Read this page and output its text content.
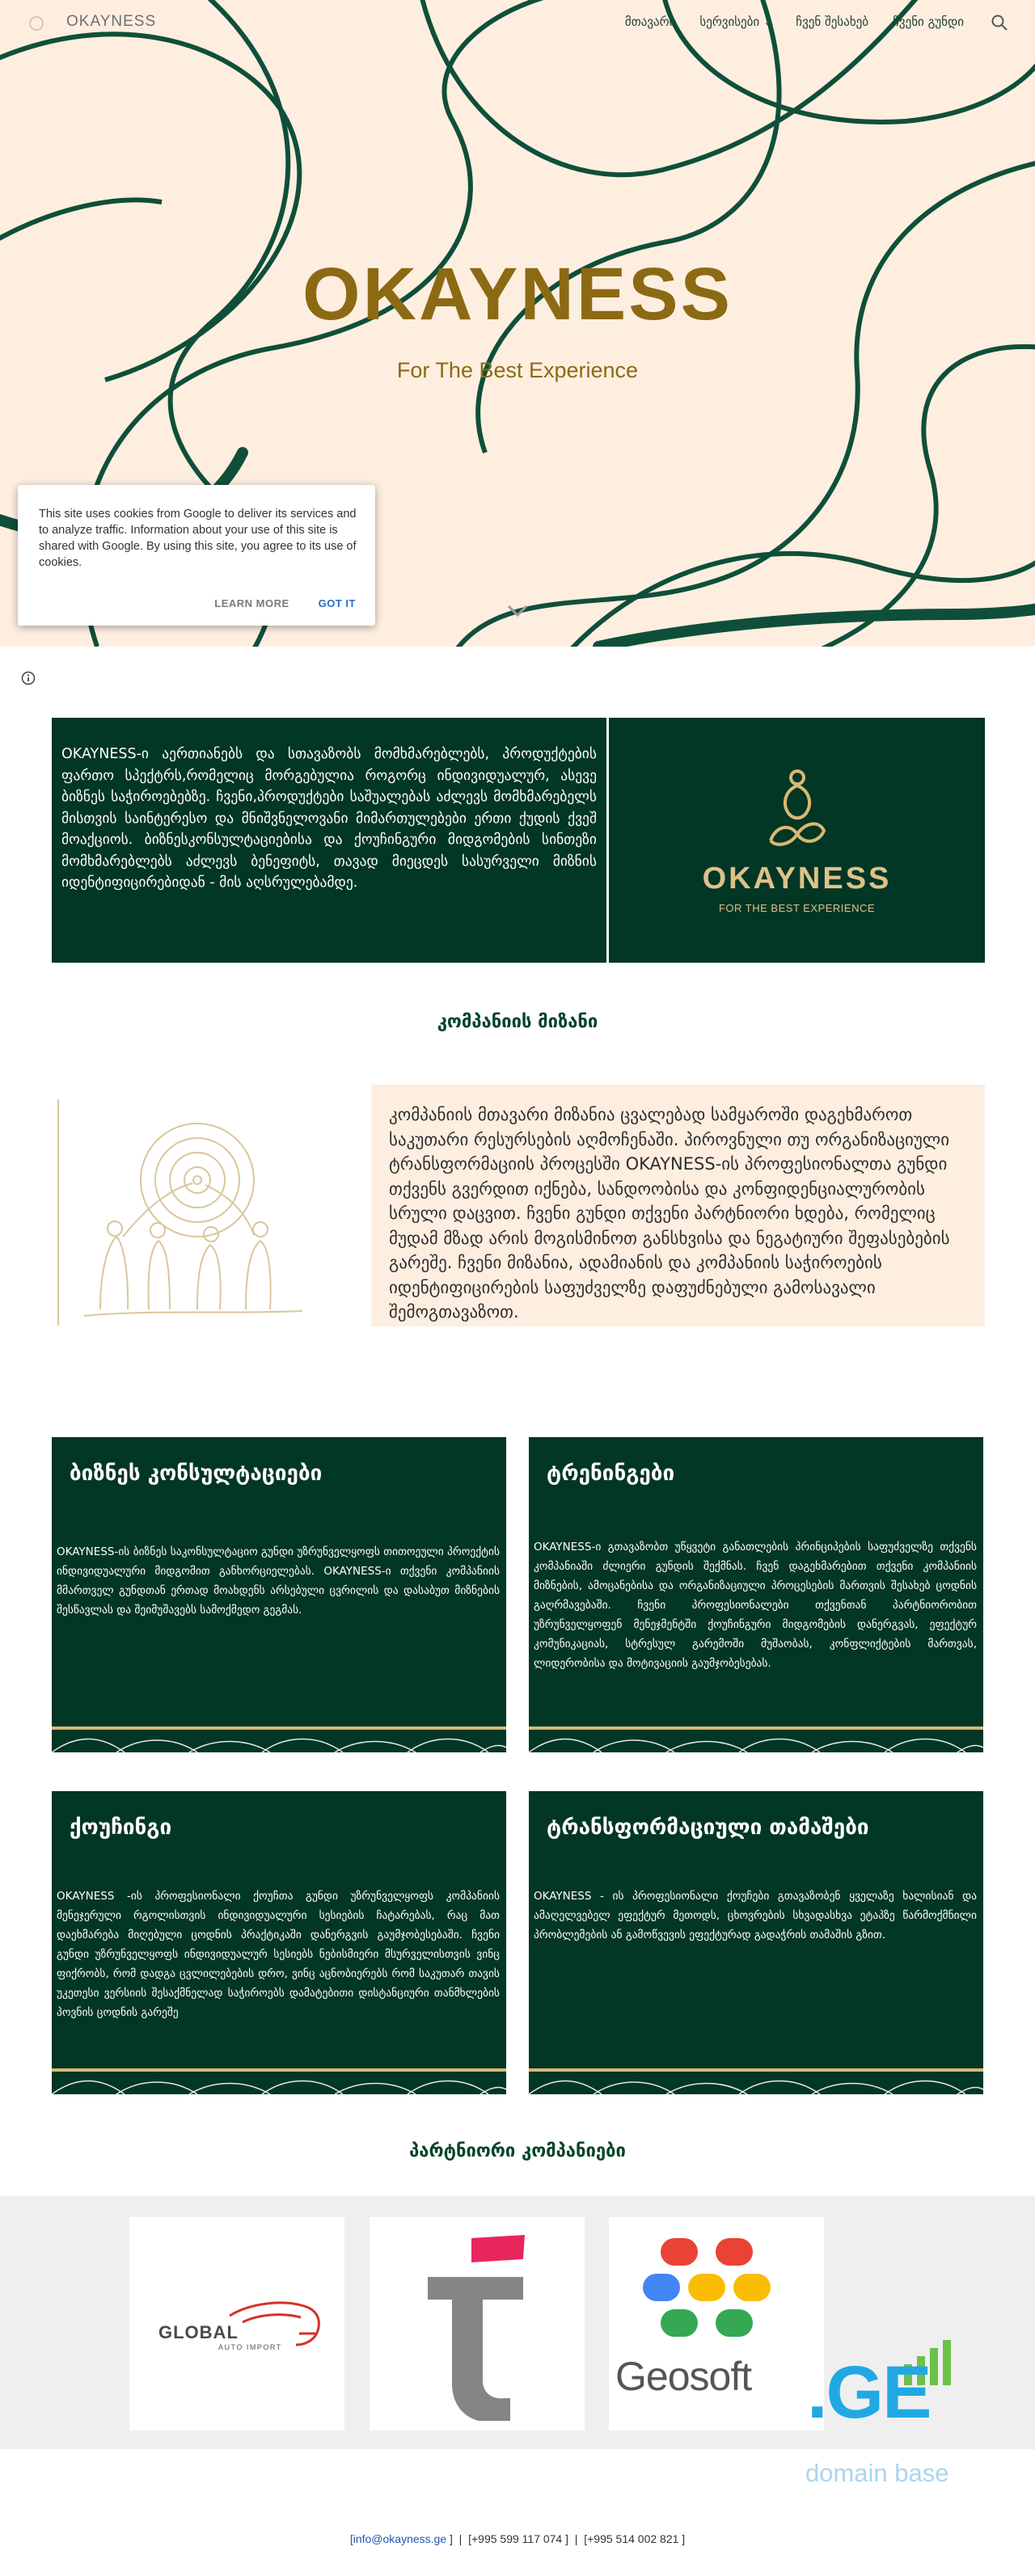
OKAYNESS
For The Best Experience
OKAYNESS	მთავარი სერვისები ⌄ ჩვენ შესახებ ჩვენი გუნდი
This site uses cookies from Google to deliver its services and to analyze traffic. Information about your use of this site is shared with Google. By using this site, you agree to its use of cookies.
LEARN MORE	GOT IT
OKAYNESS-ი აერთიანებს და სთავაზობს მომხმარებლებს, პროდუქტების ფართო სპექტრს,რომელიც მორგებულია როგორც ინდივიდუალურ, ასევე ბიზნეს საჭიროებებზე. ჩვენი,პროდუქტები საშუალებას აძლევს მომხმარებელს მისთვის საინტერესო და მნიშვნელოვანი მიმართულებები ერთი ქუდის ქვეშ მოაქციოს. ბიზნესკონსულტაციებისა და ქოუჩინგური მიდგომების სინთეზი მომხმარებლებს აძლევს ბენეფიტს, თავად მიეცდეს სასურველი მიზნის იდენტიფიცირებიდან - მის აღსრულებამდე.	OKAYNESS
FOR THE BEST EXPERIENCE
კომპანიის მიზანი
კომპანიის მთავარი მიზანია ცვალებად სამყაროში დაგეხმაროთ საკუთარი რესურსების აღმოჩენაში. პიროვნული თუ ორგანიზაციული ტრანსფორმაციის პროცესში OKAYNESS-ის პროფესიონალთა გუნდი თქვენს გვერდით იქნება, სანდოობისა და კონფიდენციალურობის სრული დაცვით. ჩვენი გუნდი თქვენი პარტნიორი ხდება, რომელიც მუდამ მზად არის მოგისმინოთ განსხვისა და ნეგატიური შეფასებების გარეშე. ჩვენი მიზანია, ადამიანის და კომპანიის საჭიროების იდენტიფიცირების საფუძველზე დაფუძნებული გამოსავალი შემოგთავაზოთ.
ბიზნეს კონსულტაციები
OKAYNESS-ის ბიზნეს საკონსულტაციო გუნდი უზრუნველყოფს თითოეული პროექტის ინდივიდუალური მიდგომით განხორციელებას. OKAYNESS-ი თქვენი კომპანიის მმართველ გუნდთან ერთად მოახდენს არსებული ცვრილის და დასაბუთ მიზნების შესწავლას და შეიმუშავებს სამოქმედო გეგმას.
ტრენინგები
OKAYNESS-ი გთავაზობთ უწყვეტი განათლების პრინციპების საფუძველზე თქვენს კომპანიაში ძლიერი გუნდის შექმნას. ჩვენ დაგეხმარებით თქვენი კომპანიის მიზნების, ამოცანებისა და ორგანიზაციული პროცესების მართვის შესახებ ცოდნის გაღრმავებაში. ჩვენი პროფესიონალები თქვენთან პარტნიორობით უზრუნველყოფენ მენეჯმენტში ქოუჩინგური მიდგომების დანერგვას, ეფექტურ კომუნიკაციას, სტრესულ გარემოში მუშაობას, კონფლიქტების მართვას, ლიდერობისა და მოტივაციის გაუმჯობესებას.
ქოუჩინგი
OKAYNESS -ის პროფესიონალი ქოუჩთა გუნდი უზრუნველყოფს კომპანიის მენეჯერული რგოლისთვის ინდივიდუალური სესიების ჩატარებას, რაც მათ დაეხმარება მიღებული ცოდნის პრაქტიკაში დანერგვის გაუმჯობესებაში. ჩვენი გუნდი უზრუნველყოფს ინდივიდუალურ სესიებს ნებისმიერი მსურველისთვის ვინც ფიქრობს, რომ დადგა ცვლილებების დრო, ვინც აცნობიერებს რომ საკუთარ თავის უკეთესი ვერსიის შესაქმნელად საჭიროებს დამატებითი დისტანციური თანმხლების პოვნის ცოდნის გარეშე
ტრანსფორმაციული თამაშები
OKAYNESS - ის პროფესიონალი ქოუჩები გთავაზობენ ყველაზე ხალისიან და ამაღელვებელ ეფექტურ მეთოდს, ცხოვრების სხვადასხვა ეტაპზე წარმოქმნილი პრობლემების ან გამოწვევის ეფექტურად გადაჭრის თამაშის გზით.
პარტნიორი კომპანიები
GLOBAL
AUTO IMPORT
Geosoft .GE
domain base
[info@okayness.ge ] | [+995 599 117 074 ] | [+995 514 002 821 ]
